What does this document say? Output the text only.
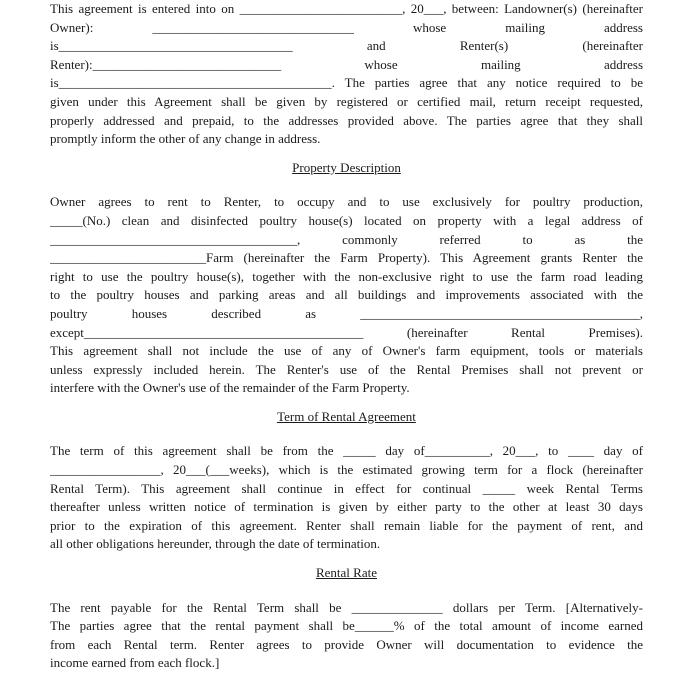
This agreement is entered into on _________________________, 20___, between: Landowner(s) (hereinafter
Owner): _______________________________ whose mailing address
is____________________________________ and Renter(s) (hereinafter
Renter):_____________________________ whose mailing address
is__________________________________________. The parties agree that any notice required to be
given under this Agreement shall be given by registered or certified mail, return receipt requested,
properly addressed and prepaid, to the addresses provided above. The parties agree that they shall
promptly inform the other of any change in address.
Property Description
Owner agrees to rent to Renter, to occupy and to use exclusively for poultry production,
_____(No.) clean and disinfected poultry house(s) located on property with a legal address of
______________________________________, commonly referred to as the
________________________Farm (hereinafter the Farm Property). This Agreement grants Renter the
right to use the poultry house(s), together with the non-exclusive right to use the farm road leading
to the poultry houses and parking areas and all buildings and improvements associated with the
poultry houses described as ___________________________________________,
except___________________________________________ (hereinafter Rental Premises).
This agreement shall not include the use of any of Owner's farm equipment, tools or materials
unless expressly included herein. The Renter's use of the Rental Premises shall not prevent or
interfere with the Owner's use of the remainder of the Farm Property.
Term of Rental Agreement
The term of this agreement shall be from the _____ day of__________, 20___, to ____ day of
_________________, 20___(___weeks), which is the estimated growing term for a flock (hereinafter
Rental Term). This agreement shall continue in effect for continual _____ week Rental Terms
thereafter unless written notice of termination is given by either party to the other at least 30 days
prior to the expiration of this agreement. Renter shall remain liable for the payment of rent, and
all other obligations hereunder, through the date of termination.
Rental Rate
The rent payable for the Rental Term shall be ______________ dollars per Term. [Alternatively-
The parties agree that the rental payment shall be______% of the total amount of income earned
from each Rental term. Renter agrees to provide Owner will documentation to evidence the
income earned from each flock.]
